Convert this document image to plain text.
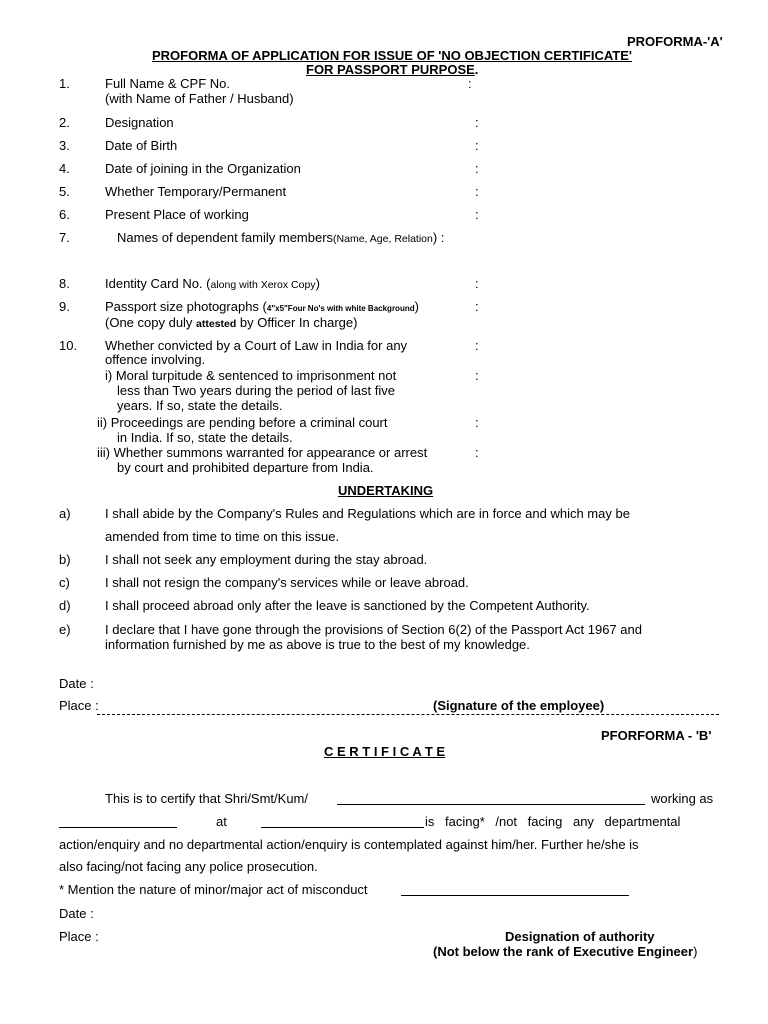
PROFORMA-'A'
PROFORMA OF APPLICATION FOR ISSUE OF 'NO OBJECTION CERTIFICATE'
FOR PASSPORT PURPOSE.
1.	Full Name & CPF No.
(with Name of Father / Husband)
:
2.	Designation	:
3.	Date of Birth	:
4.	Date of joining in the Organization	:
5.	Whether Temporary/Permanent	:
6.	Present Place of working	:
7.	Names of dependent family members(Name, Age, Relation) :
8.	Identity Card No. (along with Xerox Copy)	:
9.	Passport size photographs (4"x5"Four No's with white Background)	:
(One copy duly attested by Officer In charge)
10. Whether convicted by a Court of Law in India for any	:
offence involving.
i) Moral turpitude & sentenced to imprisonment not	:
less than Two years during the period of last five
years. If so, state the details.
ii) Proceedings are pending before a criminal court	:
in India. If so, state the details.
iii) Whether summons warranted for appearance or arrest	:
by court and prohibited departure from India.
UNDERTAKING
a)	I shall abide by the Company's Rules and Regulations which are in force and which may be
amended from time to time on this issue.
b)	I shall not seek any employment during the stay abroad.
c)	I shall not resign the company's services while or leave abroad.
d)	I shall proceed abroad only after the leave is sanctioned by the Competent Authority.
e)	I declare that I have gone through the provisions of Section 6(2) of the Passport Act 1967 and
information furnished by me as above is true to the best of my knowledge.
Date :
Place :	(Signature of the employee)
PFORFORMA - 'B'
C E R T I F I C A T E
This is to certify that Shri/Smt/Kum/	working as
at	is facing* /not facing any departmental
action/enquiry and no departmental action/enquiry is contemplated against him/her. Further he/she is
also facing/not facing any police prosecution.
* Mention the nature of minor/major act of misconduct
Date :
Place :	Designation of authority
(Not below the rank of Executive Engineer)
